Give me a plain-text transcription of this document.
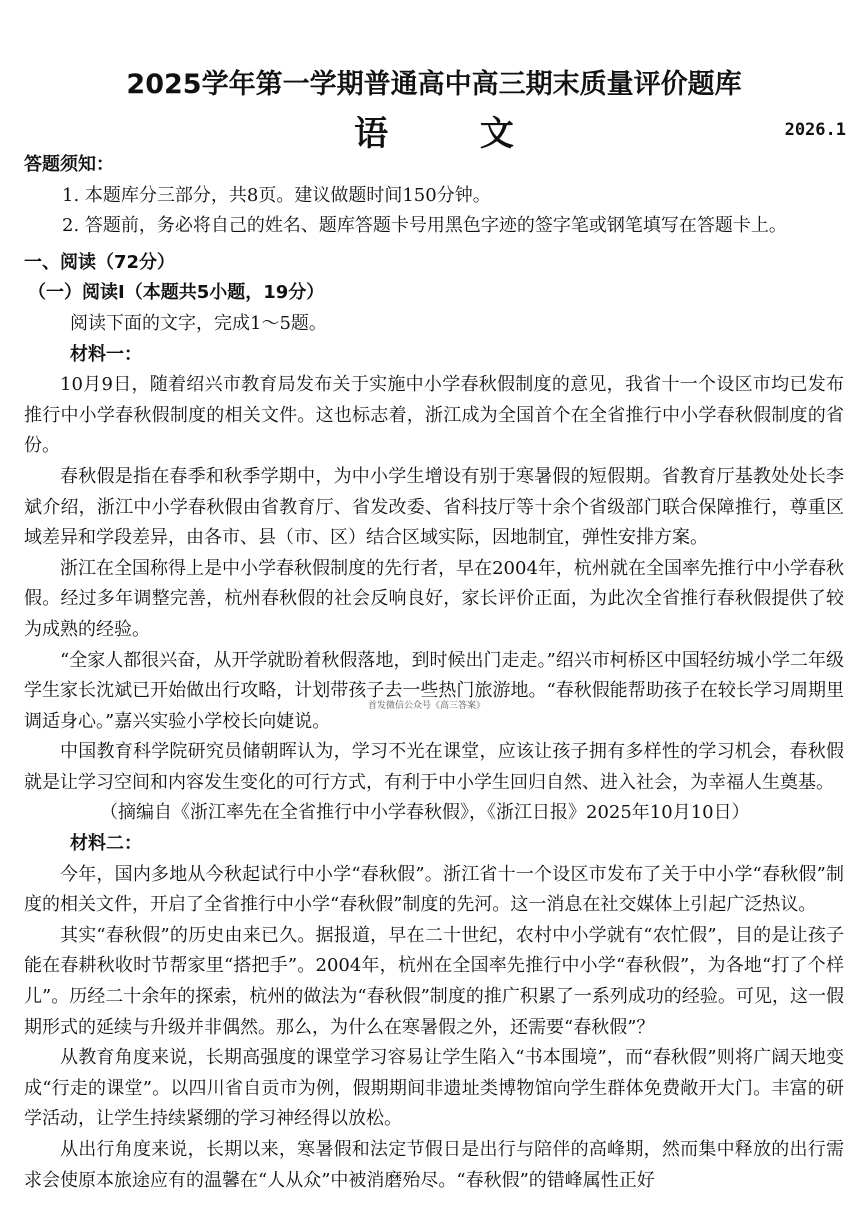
2025学年第一学期普通高中高三期末质量评价题库
语 文	2026.1
答题须知：
1. 本题库分三部分，共8页。建议做题时间150分钟。
2. 答题前，务必将自己的姓名、题库答题卡号用黑色字迹的签字笔或钢笔填写在答题卡上。
一、阅读（72分）
（一）阅读Ⅰ（本题共5小题，19分）
阅读下面的文字，完成1～5题。
材料一：
10月9日，随着绍兴市教育局发布关于实施中小学春秋假制度的意见，我省十一个设区市均已发布推行中小学春秋假制度的相关文件。这也标志着，浙江成为全国首个在全省推行中小学春秋假制度的省份。
春秋假是指在春季和秋季学期中，为中小学生增设有别于寒暑假的短假期。省教育厅基教处处长李斌介绍，浙江中小学春秋假由省教育厅、省发改委、省科技厅等十余个省级部门联合保障推行，尊重区域差异和学段差异，由各市、县（市、区）结合区域实际，因地制宜，弹性安排方案。
浙江在全国称得上是中小学春秋假制度的先行者，早在2004年，杭州就在全国率先推行中小学春秋假。经过多年调整完善，杭州春秋假的社会反响良好，家长评价正面，为此次全省推行春秋假提供了较为成熟的经验。
“全家人都很兴奋，从开学就盼着秋假落地，到时候出门走走。”绍兴市柯桥区中国轻纺城小学二年级学生家长沈斌已开始做出行攻略，计划带孩子去一些热门旅游地。“春秋假能帮助孩子在较长学习周期里调适身心。”嘉兴实验小学校长向婕说。
中国教育科学院研究员储朝晖认为，学习不光在课堂，应该让孩子拥有多样性的学习机会，春秋假就是让学习空间和内容发生变化的可行方式，有利于中小学生回归自然、进入社会，为幸福人生奠基。
（摘编自《浙江率先在全省推行中小学春秋假》，《浙江日报》2025年10月10日）
材料二：
今年，国内多地从今秋起试行中小学“春秋假”。浙江省十一个设区市发布了关于中小学“春秋假”制度的相关文件，开启了全省推行中小学“春秋假”制度的先河。这一消息在社交媒体上引起广泛热议。
其实“春秋假”的历史由来已久。据报道，早在二十世纪，农村中小学就有“农忙假”，目的是让孩子能在春耕秋收时节帮家里“搭把手”。2004年，杭州在全国率先推行中小学“春秋假”，为各地“打了个样儿”。历经二十余年的探索，杭州的做法为“春秋假”制度的推广积累了一系列成功的经验。可见，这一假期形式的延续与升级并非偶然。那么，为什么在寒暑假之外，还需要“春秋假”？
从教育角度来说，长期高强度的课堂学习容易让学生陷入“书本围境”，而“春秋假”则将广阔天地变成“行走的课堂”。以四川省自贡市为例，假期期间非遗址类博物馆向学生群体免费敞开大门。丰富的研学活动，让学生持续紧绷的学习神经得以放松。
从出行角度来说，长期以来，寒暑假和法定节假日是出行与陪伴的高峰期，然而集中释放的出行需求会使原本旅途应有的温馨在“人从众”中被消磨殆尽。“春秋假”的错峰属性正好
首发微信公众号《高三答案》
